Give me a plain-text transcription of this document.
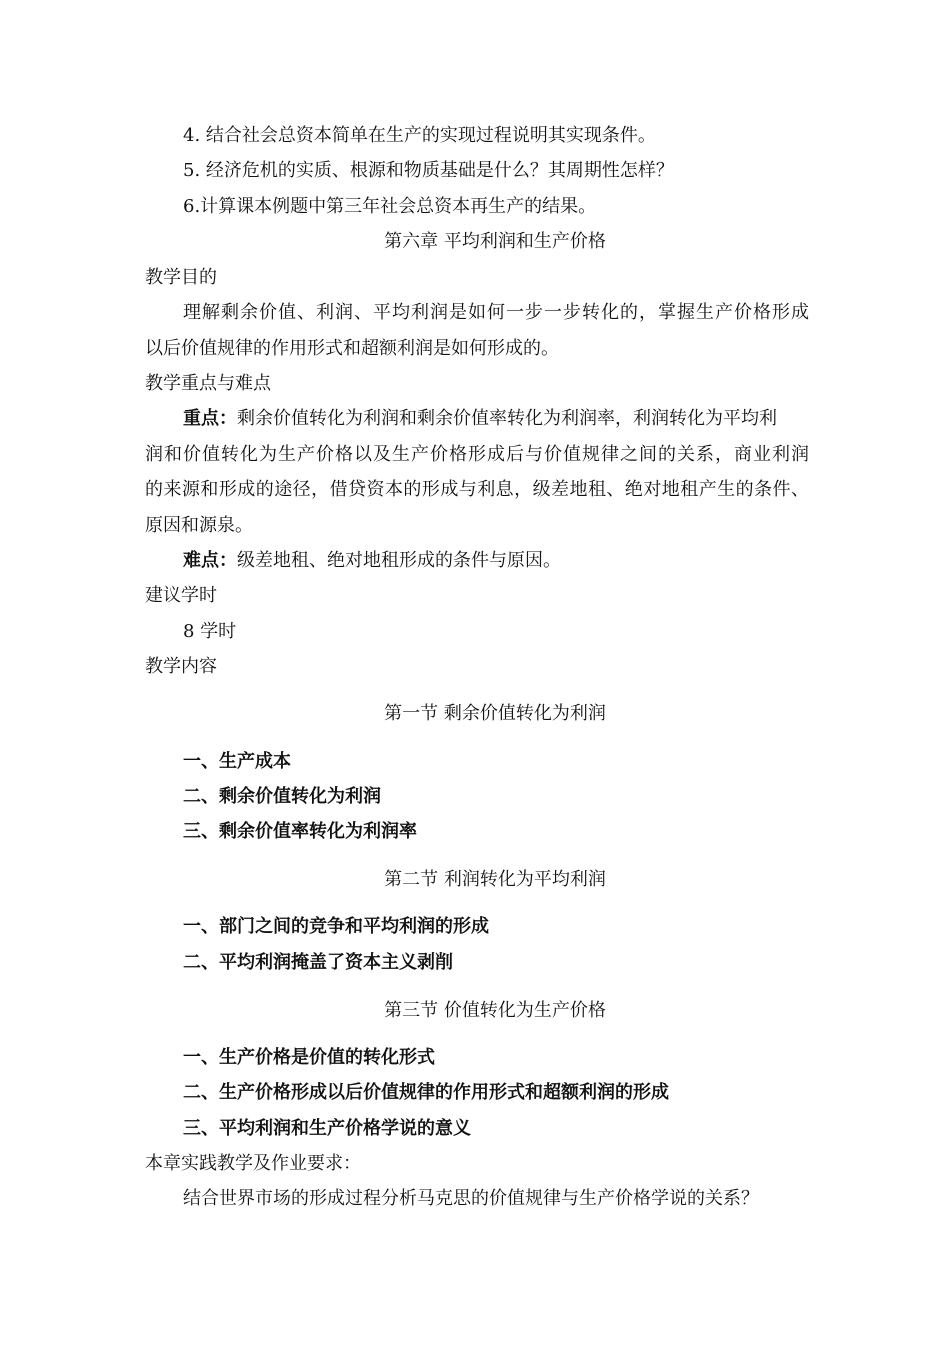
4. 结合社会总资本简单在生产的实现过程说明其实现条件。
5. 经济危机的实质、根源和物质基础是什么？其周期性怎样？
6.计算课本例题中第三年社会总资本再生产的结果。
第六章 平均利润和生产价格
教学目的
理解剩余价值、利润、平均利润是如何一步一步转化的，掌握生产价格形成
以后价值规律的作用形式和超额利润是如何形成的。
教学重点与难点
重点：剩余价值转化为利润和剩余价值率转化为利润率，利润转化为平均利
润和价值转化为生产价格以及生产价格形成后与价值规律之间的关系，商业利润
的来源和形成的途径，借贷资本的形成与利息，级差地租、绝对地租产生的条件、
原因和源泉。
难点：级差地租、绝对地租形成的条件与原因。
建议学时
8 学时
教学内容
第一节 剩余价值转化为利润
一、生产成本
二、剩余价值转化为利润
三、剩余价值率转化为利润率
第二节 利润转化为平均利润
一、部门之间的竞争和平均利润的形成
二、平均利润掩盖了资本主义剥削
第三节 价值转化为生产价格
一、生产价格是价值的转化形式
二、生产价格形成以后价值规律的作用形式和超额利润的形成
三、平均利润和生产价格学说的意义
本章实践教学及作业要求：
结合世界市场的形成过程分析马克思的价值规律与生产价格学说的关系？
